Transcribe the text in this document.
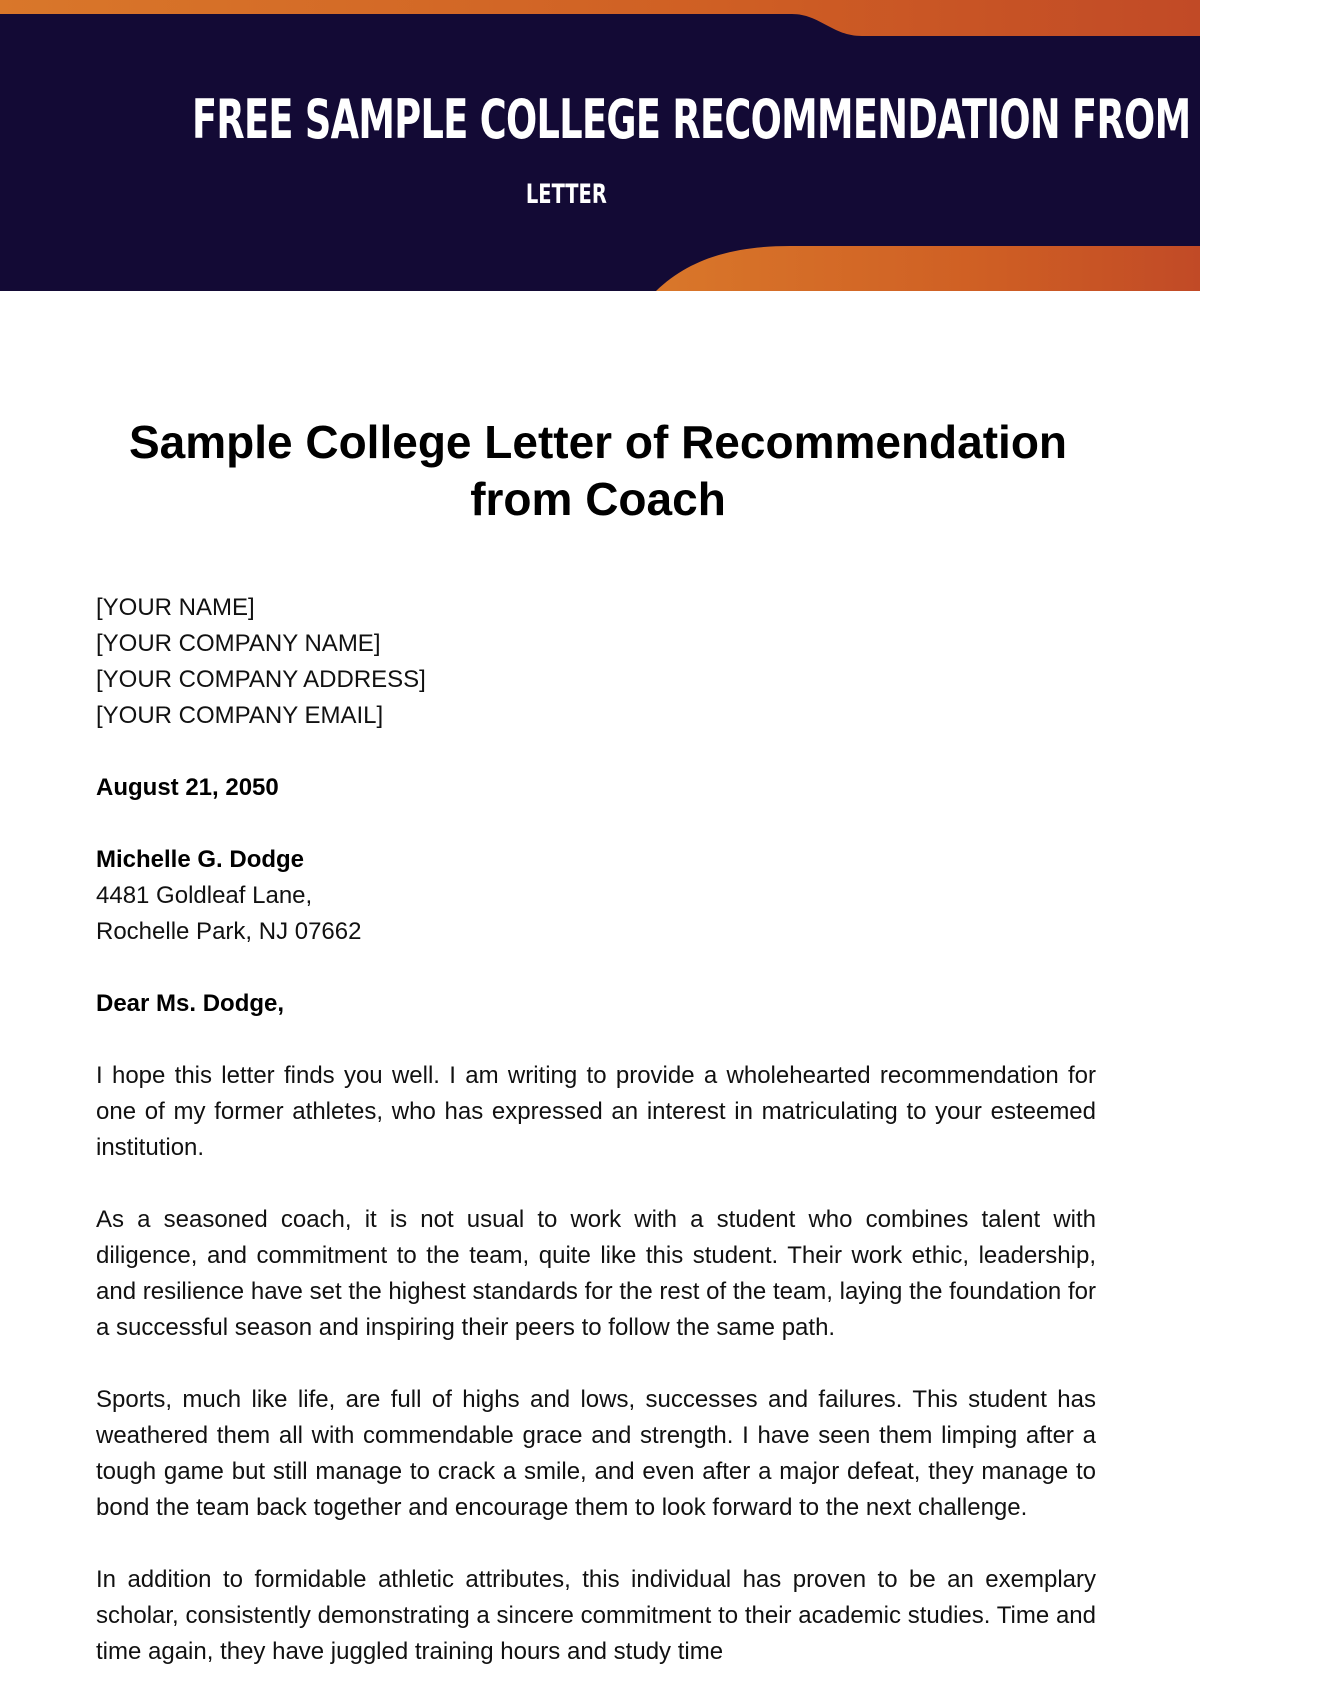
FREE SAMPLE COLLEGE RECOMMENDATION FROM COACH
LETTER
Sample College Letter of Recommendation from Coach

[YOUR NAME]
[YOUR COMPANY NAME]
[YOUR COMPANY ADDRESS]
[YOUR COMPANY EMAIL]

August 21, 2050

Michelle G. Dodge
4481 Goldleaf Lane,
Rochelle Park, NJ 07662

Dear Ms. Dodge,

I hope this letter finds you well. I am writing to provide a wholehearted recommendation for one of my former athletes, who has expressed an interest in matriculating to your esteemed institution.

As a seasoned coach, it is not usual to work with a student who combines talent with diligence, and commitment to the team, quite like this student. Their work ethic, leadership, and resilience have set the highest standards for the rest of the team, laying the foundation for a successful season and inspiring their peers to follow the same path.

Sports, much like life, are full of highs and lows, successes and failures. This student has weathered them all with commendable grace and strength. I have seen them limping after a tough game but still manage to crack a smile, and even after a major defeat, they manage to bond the team back together and encourage them to look forward to the next challenge.

In addition to formidable athletic attributes, this individual has proven to be an exemplary scholar, consistently demonstrating a sincere commitment to their academic studies. Time and time again, they have juggled training hours and study time
